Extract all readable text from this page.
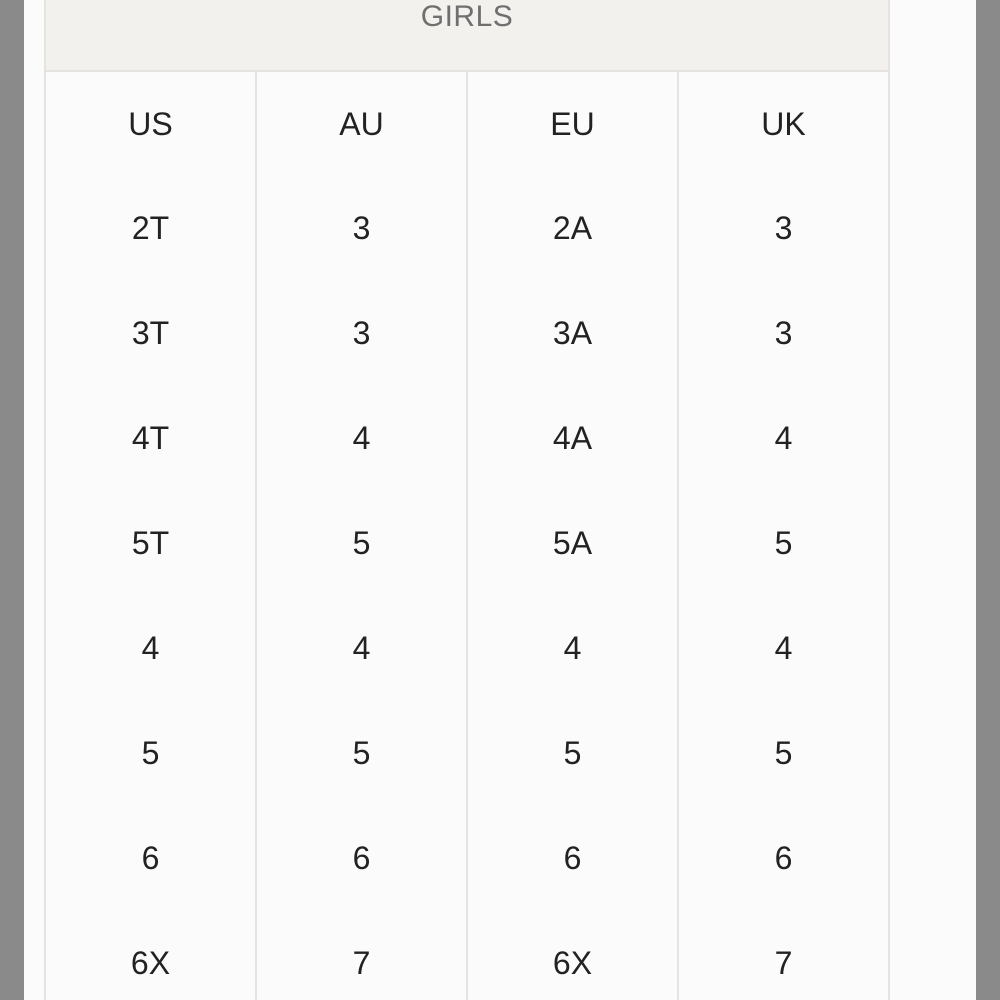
GIRLS			
US	AU	EU	UK
2T	3	2A	3
3T	3	3A	3
4T	4	4A	4
5T	5	5A	5
4	4	4	4
5	5	5	5
6	6	6	6
6X	7	6X	7
